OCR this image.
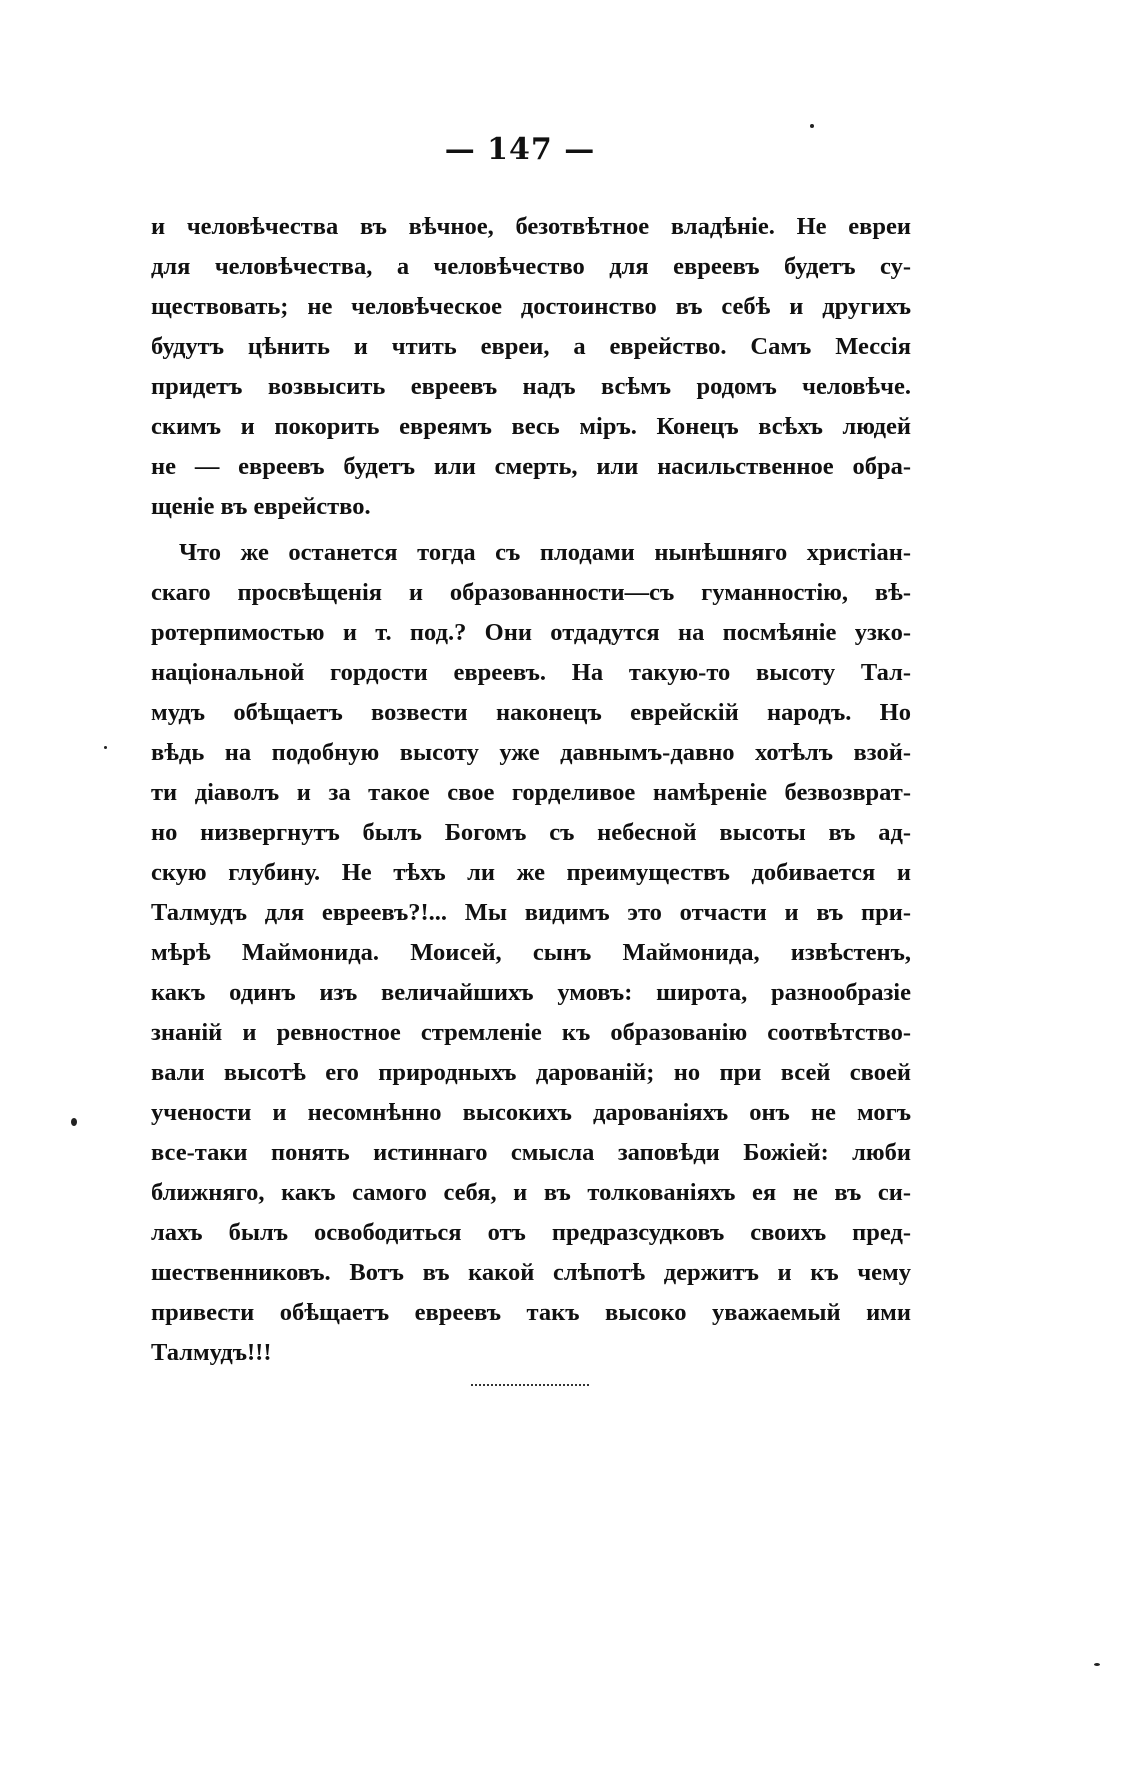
— 147 —

и человѣчества въ вѣчное, безотвѣтное владѣніе. Не евреи
для человѣчества, а человѣчество для евреевъ будетъ су-
ществовать; не человѣческое достоинство въ себѣ и другихъ
будутъ цѣнить и чтить евреи, а еврейство. Самъ Мессія
придетъ возвысить евреевъ надъ всѣмъ родомъ человѣче.
скимъ и покорить евреямъ весь міръ. Конецъ всѣхъ людей
не — евреевъ будетъ или смерть, или насильственное обра-
щеніе въ еврейство.

Что же останется тогда съ плодами нынѣшняго христіан-
скаго просвѣщенія и образованности—съ гуманностію, вѣ-
ротерпимостью и т. под.? Они отдадутся на посмѣяніе узко-
національной гордости евреевъ. На такую-то высоту Тал-
мудъ обѣщаетъ возвести наконецъ еврейскій народъ. Но
вѣдь на подобную высоту уже давнымъ-давно хотѣлъ взой-
ти діаволъ и за такое свое горделивое намѣреніе безвозврат-
но низвергнутъ былъ Богомъ съ небесной высоты въ ад-
скую глубину. Не тѣхъ ли же преимуществъ добивается и
Талмудъ для евреевъ?!... Мы видимъ это отчасти и въ при-
мѣрѣ Маймонида. Моисей, сынъ Маймонида, извѣстенъ,
какъ одинъ изъ величайшихъ умовъ: широта, разнообразіе
знаній и ревностное стремленіе къ образованію соотвѣтство-
вали высотѣ его природныхъ дарованій; но при всей своей
учености и несомнѣнно высокихъ дарованіяхъ онъ не могъ
все-таки понять истиннаго смысла заповѣди Божіей: люби
ближняго, какъ самого себя, и въ толкованіяхъ ея не въ си-
лахъ былъ освободиться отъ предразсудковъ своихъ пред-
шественниковъ. Вотъ въ какой слѣпотѣ держитъ и къ чему
привести обѣщаетъ евреевъ такъ высоко уважаемый ими
Талмудъ!!!
